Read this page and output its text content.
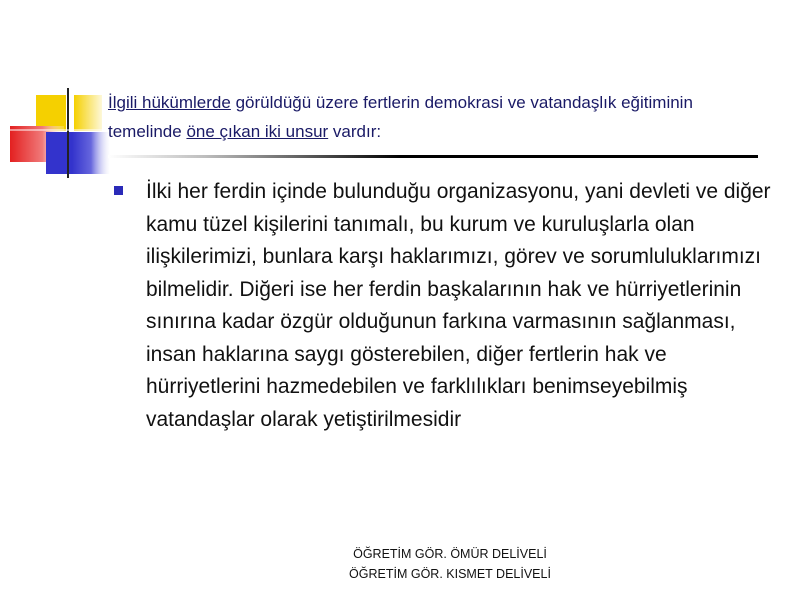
İlgili hükümlerde görüldüğü üzere fertlerin demokrasi ve vatandaşlık eğitiminin temelinde öne çıkan iki unsur vardır:
İlki her ferdin içinde bulunduğu organizasyonu, yani devleti ve diğer kamu tüzel kişilerini tanımalı, bu kurum ve kuruluşlarla olan ilişkilerimizi, bunlara karşı haklarımızı, görev ve sorumluluklarımızı bilmelidir. Diğeri ise her ferdin başkalarının hak ve hürriyetlerinin sınırına kadar özgür olduğunun farkına varmasının sağlanması, insan haklarına saygı gösterebilen, diğer fertlerin hak ve hürriyetlerini hazmedebilen ve farklılıkları benimseyebilmiş vatandaşlar olarak yetiştirilmesidir
ÖĞRETİM GÖR. ÖMÜR DELİVELİ
ÖĞRETİM GÖR. KISMET DELİVELİ
